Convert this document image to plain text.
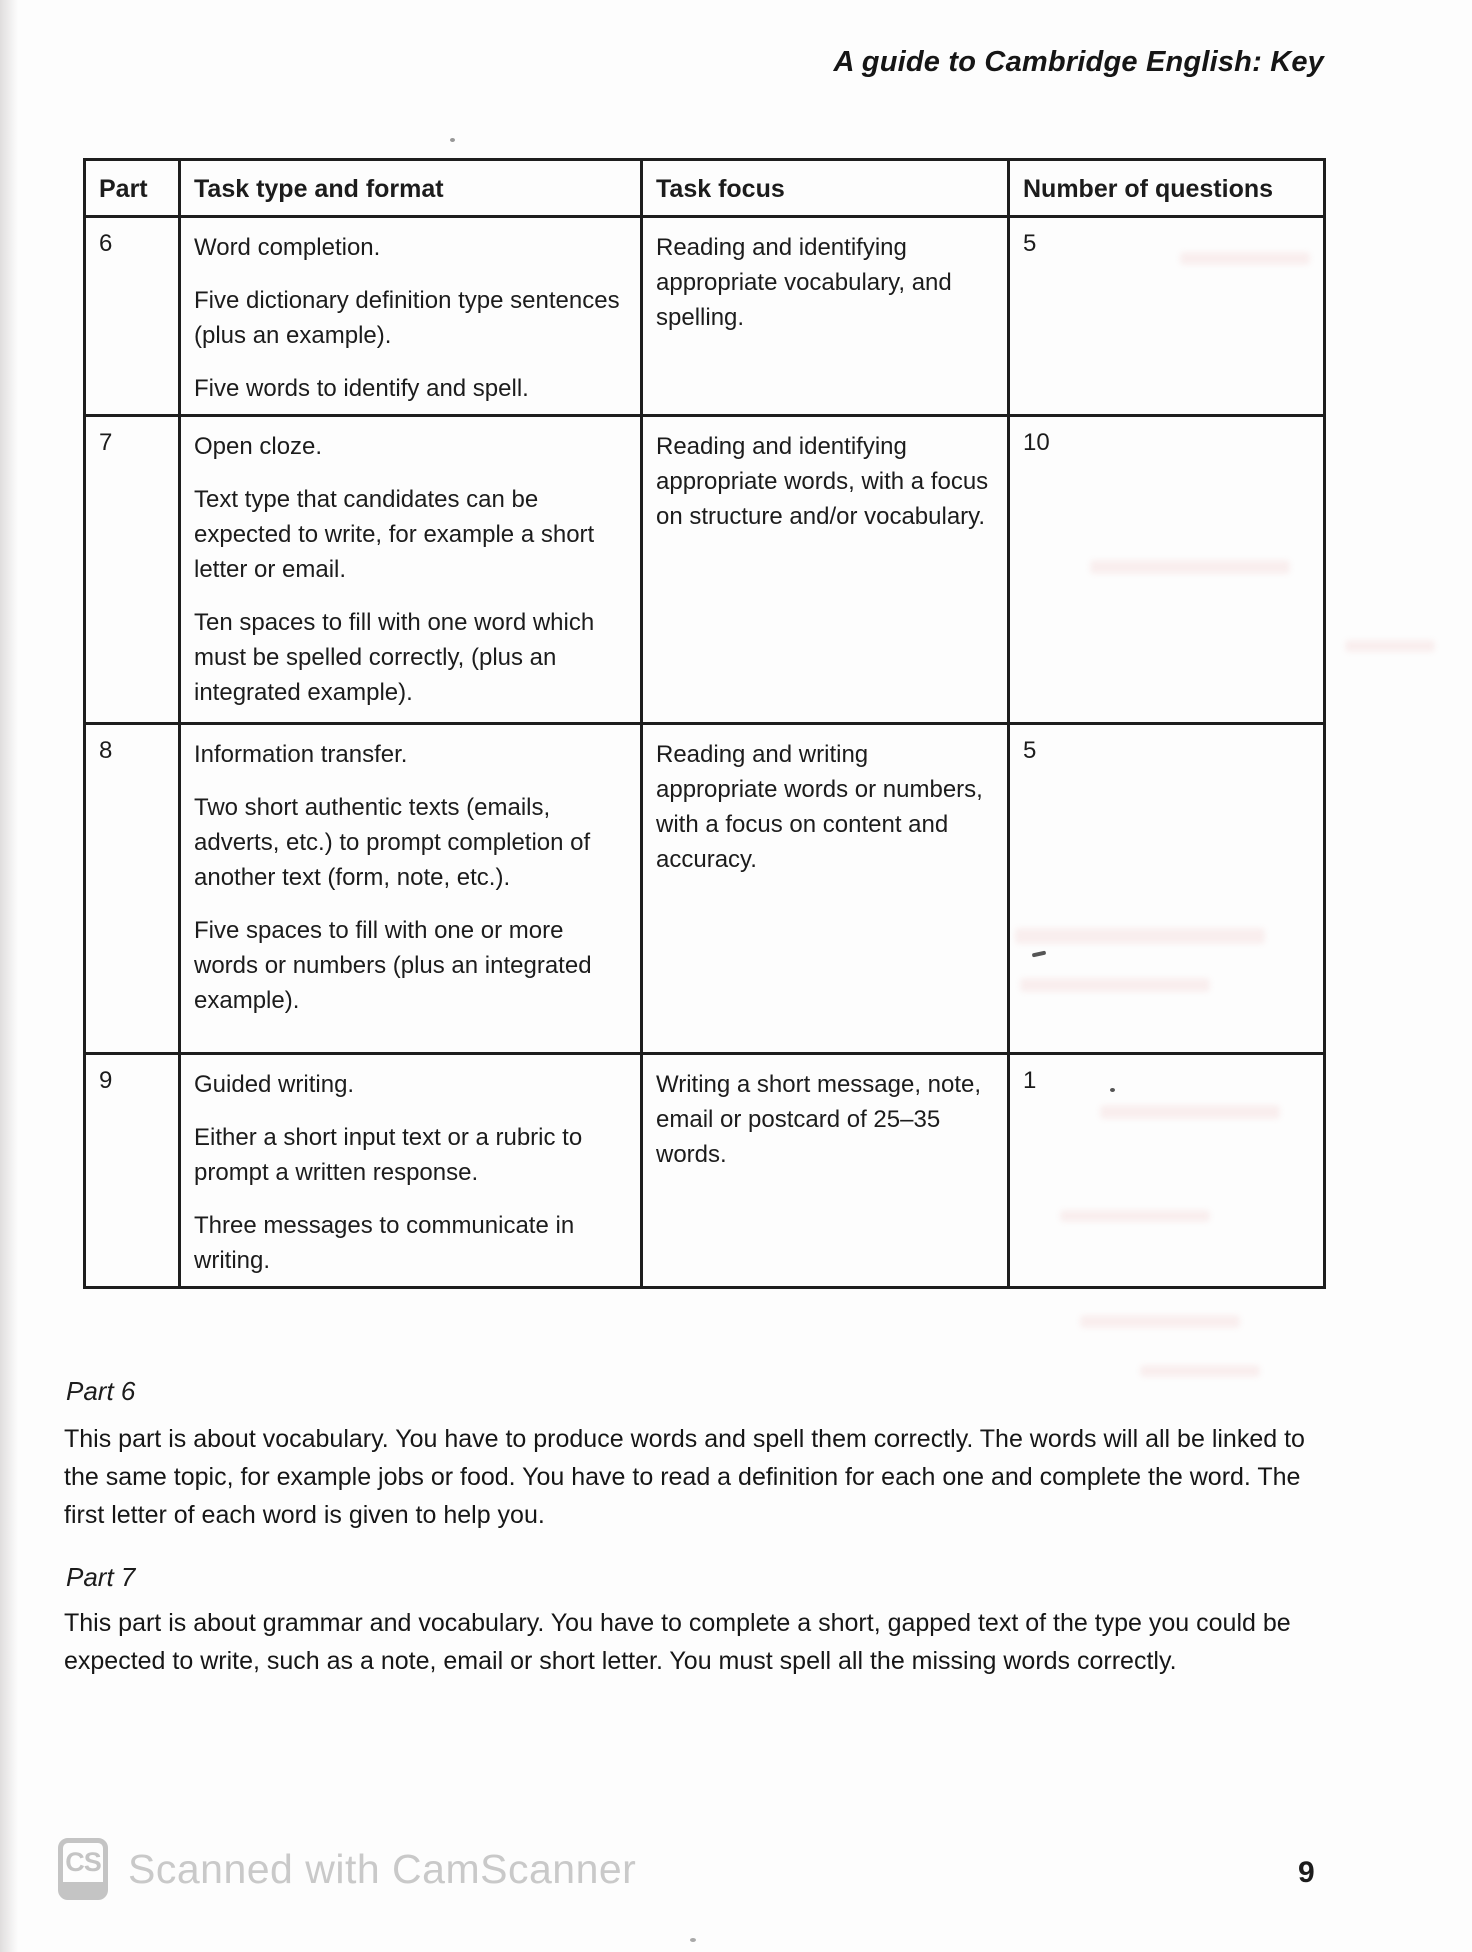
A guide to Cambridge English: Key
Part	Task type and format	Task focus	Number of questions
6	Word completion.

Five dictionary definition type sentences (plus an example).

Five words to identify and spell.	Reading and identifying appropriate vocabulary, and spelling.	5
7	Open cloze.

Text type that candidates can be expected to write, for example a short letter or email.

Ten spaces to fill with one word which must be spelled correctly, (plus an integrated example).	Reading and identifying appropriate words, with a focus on structure and/or vocabulary.	10
8	Information transfer.

Two short authentic texts (emails, adverts, etc.) to prompt completion of another text (form, note, etc.).

Five spaces to fill with one or more words or numbers (plus an integrated example).	Reading and writing appropriate words or numbers, with a focus on content and accuracy.	5
9	Guided writing.

Either a short input text or a rubric to prompt a written response.

Three messages to communicate in writing.	Writing a short message, note, email or postcard of 25–35 words.	1
Part 6
This part is about vocabulary. You have to produce words and spell them correctly. The words will all be linked to the same topic, for example jobs or food. You have to read a definition for each one and complete the word. The first letter of each word is given to help you.
Part 7
This part is about grammar and vocabulary. You have to complete a short, gapped text of the type you could be expected to write, such as a note, email or short letter. You must spell all the missing words correctly.
CS Scanned with CamScanner	9
